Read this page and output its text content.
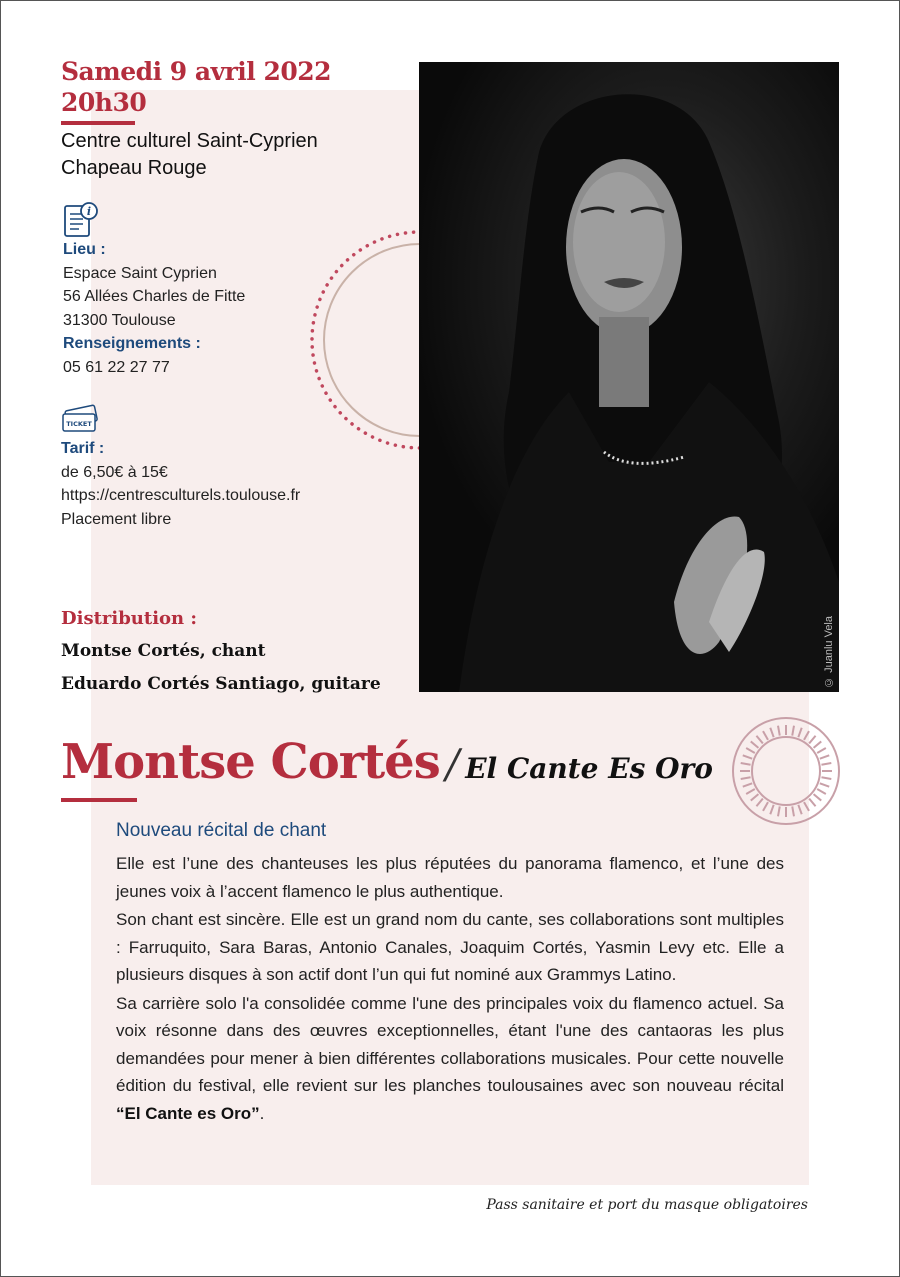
Samedi 9 avril 2022
20h30
Centre culturel Saint-Cyprien
Chapeau Rouge
i
Lieu :
Espace Saint Cyprien
56 Allées Charles de Fitte
31300 Toulouse
Renseignements :
05 61 22 27 77
TICKET
Tarif :
de 6,50€ à 15€
https://centresculturels.toulouse.fr
Placement libre
© Juanlu Vela
Distribution :
Montse Cortés, chant
Eduardo Cortés Santiago, guitare
Montse Cortés / El Cante Es Oro
Nouveau récital de chant

Elle est l’une des chanteuses les plus réputées du panorama flamenco, et l’une des jeunes voix à l’accent flamenco le plus authentique.

Son chant est sincère. Elle est un grand nom du cante, ses collaborations sont multiples : Farruquito, Sara Baras, Antonio Canales, Joaquim Cortés, Yasmin Levy etc. Elle a plusieurs disques à son actif dont l’un qui fut nominé aux Grammys Latino.

Sa carrière solo l'a consolidée comme l'une des principales voix du flamenco actuel. Sa voix résonne dans des œuvres exceptionnelles, étant l'une des cantaoras les plus demandées pour mener à bien différentes collaborations musicales. Pour cette nouvelle édition du festival, elle revient sur les planches toulousaines avec son nouveau récital “El Cante es Oro”.

Pass sanitaire et port du masque obligatoires
